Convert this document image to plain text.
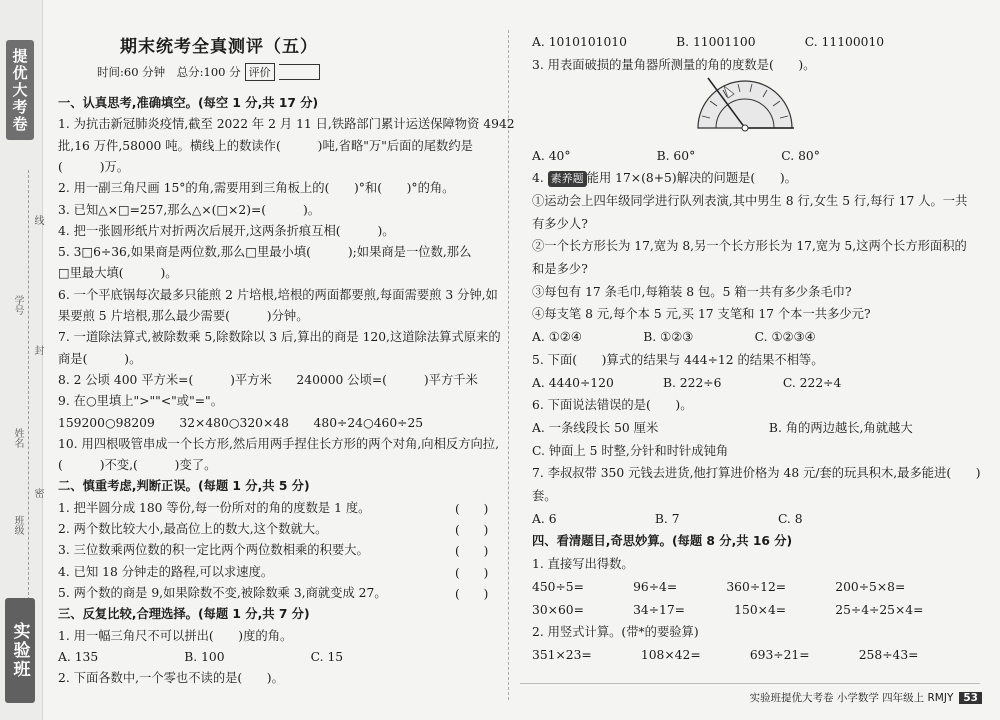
提优大考卷
学号
线
姓名
封
班级
密
实验班
期末统考全真测评（五）
时间:60 分钟　总分:100 分 评价
一、认真思考,准确填空。(每空 1 分,共 17 分)
1. 为抗击新冠肺炎疫情,截至 2022 年 2 月 11 日,铁路部门累计运送保障物资 4942
批,16 万件,58000 吨。横线上的数读作(　　　)吨,省略"万"后面的尾数约是
(　　　)万。
2. 用一副三角尺画 15°的角,需要用到三角板上的(　　)°和(　　)°的角。
3. 已知△×□=257,那么△×(□×2)=(　　　)。
4. 把一张圆形纸片对折两次后展开,这两条折痕互相(　　　)。
5. 3□6÷36,如果商是两位数,那么□里最小填(　　　);如果商是一位数,那么
□里最大填(　　　)。
6. 一个平底锅每次最多只能煎 2 片培根,培根的两面都要煎,每面需要煎 3 分钟,如
果要煎 5 片培根,那么最少需要(　　　)分钟。
7. 一道除法算式,被除数乘 5,除数除以 3 后,算出的商是 120,这道除法算式原来的
商是(　　　)。
8. 2 公顷 400 平方米=(　　　)平方米　　240000 公顷=(　　　)平方千米
9. 在○里填上">""<"或"="。
159200○98209　　32×480○320×48　　480÷24○460÷25
10. 用四根吸管串成一个长方形,然后用两手捏住长方形的两个对角,向相反方向拉,
(　　　)不变,(　　　)变了。
二、慎重考虑,判断正误。(每题 1 分,共 5 分)
1. 把半圆分成 180 等份,每一份所对的角的度数是 1 度。	(　　)
2. 两个数比较大小,最高位上的数大,这个数就大。	(　　)
3. 三位数乘两位数的积一定比两个两位数相乘的积要大。	(　　)
4. 已知 18 分钟走的路程,可以求速度。	(　　)
5. 两个数的商是 9,如果除数不变,被除数乘 3,商就变成 27。	(　　)
三、反复比较,合理选择。(每题 1 分,共 7 分)
1. 用一幅三角尺不可以拼出(　　)度的角。
A. 135　　　　　　　B. 100　　　　　　　C. 15
2. 下面各数中,一个零也不读的是(　　)。
A. 1010101010　　　　B. 11001100　　　　C. 11100010
3. 用表面破损的量角器所测量的角的度数是(　　)。
A. 40°　　　　　　　B. 60°　　　　　　　C. 80°
4. 素养题 能用 17×(8+5)解决的问题是(　　)。
①运动会上四年级同学进行队列表演,其中男生 8 行,女生 5 行,每行 17 人。一共
有多少人?
②一个长方形长为 17,宽为 8,另一个长方形长为 17,宽为 5,这两个长方形面积的
和是多少?
③每包有 17 条毛巾,每箱装 8 包。5 箱一共有多少条毛巾?
④每支笔 8 元,每个本 5 元,买 17 支笔和 17 个本一共多少元?
A. ①②④　　　　　B. ①②③　　　　　C. ①②③④
5. 下面(　　)算式的结果与 444÷12 的结果不相等。
A. 4440÷120　　　　B. 222÷6　　　　　C. 222÷4
6. 下面说法错误的是(　　)。
A. 一条线段长 50 厘米　　　　　　　　　B. 角的两边越长,角就越大
C. 钟面上 5 时整,分针和时针成钝角
7. 李叔叔带 350 元钱去进货,他打算进价格为 48 元/套的玩具积木,最多能进(　　)
套。
A. 6　　　　　　　　B. 7　　　　　　　　C. 8
四、看清题目,奇思妙算。(每题 8 分,共 16 分)
1. 直接写出得数。
450÷5=　　　　96÷4=　　　　360÷12=　　　　200÷5×8=
30×60=　　　　34÷17=　　　　150×4=　　　　25÷4÷25×4=
2. 用竖式计算。(带*的要验算)
351×23=　　　　108×42=　　　　693÷21=　　　　258÷43=
实验班提优大考卷 小学数学 四年级上 RMJY 53
